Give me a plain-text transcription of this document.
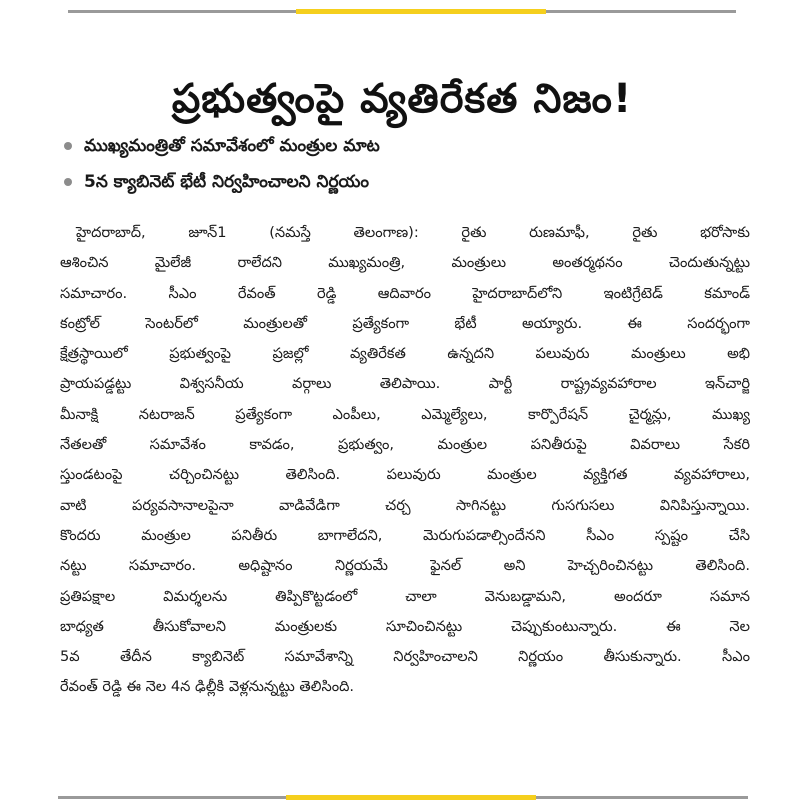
ప్రభుత్వంపై వ్యతిరేకత నిజం!
ముఖ్యమంత్రితో సమావేశంలో మంత్రుల మాట
5న క్యాబినెట్ భేటీ నిర్వహించాలని నిర్ణయం
హైదరాబాద్, జూన్1 (నమస్తే తెలంగాణ): రైతు రుణమాఫీ, రైతు భరోసాకు
ఆశించిన మైలేజీ రాలేదని ముఖ్యమంత్రి, మంత్రులు అంతర్మథనం చెందుతున్నట్టు
సమాచారం. సీఎం రేవంత్ రెడ్డి ఆదివారం హైదరాబాద్‌లోని ఇంటిగ్రేటెడ్ కమాండ్
కంట్రోల్ సెంటర్‌లో మంత్రులతో ప్రత్యేకంగా భేటీ అయ్యారు. ఈ సందర్భంగా
క్షేత్రస్థాయిలో ప్రభుత్వంపై ప్రజల్లో వ్యతిరేకత ఉన్నదని పలువురు మంత్రులు అభి
ప్రాయపడ్డట్టు విశ్వసనీయ వర్గాలు తెలిపాయి. పార్టీ రాష్ట్రవ్యవహారాల ఇన్‌చార్జి
మీనాక్షి నటరాజన్ ప్రత్యేకంగా ఎంపీలు, ఎమ్మెల్యేలు, కార్పొరేషన్ చైర్మన్లు, ముఖ్య
నేతలతో సమావేశం కావడం, ప్రభుత్వం, మంత్రుల పనితీరుపై వివరాలు సేకరి
స్తుండటంపై చర్చించినట్టు తెలిసింది. పలువురు మంత్రుల వ్యక్తిగత వ్యవహారాలు,
వాటి పర్యవసానాలపైనా వాడివేడిగా చర్చ సాగినట్టు గుసగుసలు వినిపిస్తున్నాయి.
కొందరు మంత్రుల పనితీరు బాగాలేదని, మెరుగుపడాల్సిందేనని సీఎం స్పష్టం చేసి
నట్టు సమాచారం. అధిష్టానం నిర్ణయమే ఫైనల్ అని హెచ్చరించినట్టు తెలిసింది.
ప్రతిపక్షాల విమర్శలను తిప్పికొట్టడంలో చాలా వెనుబడ్డామని, అందరూ సమాన
బాధ్యత తీసుకోవాలని మంత్రులకు సూచించినట్టు చెప్పుకుంటున్నారు. ఈ నెల
5వ తేదీన క్యాబినెట్ సమావేశాన్ని నిర్వహించాలని నిర్ణయం తీసుకున్నారు. సీఎం
రేవంత్ రెడ్డి ఈ నెల 4న ఢిల్లీకి వెళ్లనున్నట్టు తెలిసింది.
